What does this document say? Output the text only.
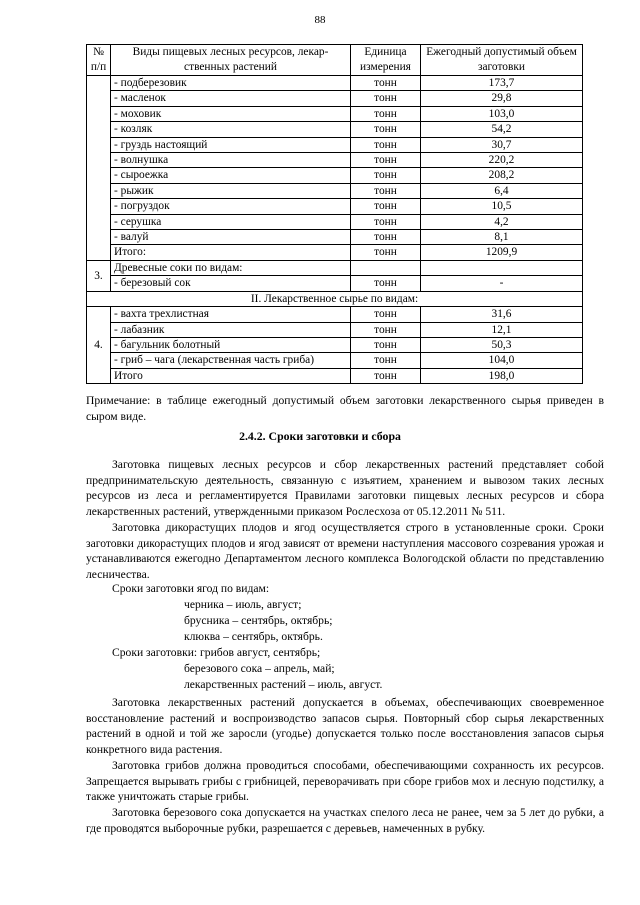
88
№ п/п	Виды пищевых лесных ресурсов, лекар-ственных растений	Единица измерения	Ежегодный допустимый объем заготовки
	- подберезовик	тонн	173,7
	- масленок	тонн	29,8
	- моховик	тонн	103,0
	- козляк	тонн	54,2
	- груздь настоящий	тонн	30,7
	- волнушка	тонн	220,2
	- сыроежка	тонн	208,2
	- рыжик	тонн	6,4
	- погруздок	тонн	10,5
	- серушка	тонн	4,2
	- валуй	тонн	8,1
	Итого:	тонн	1209,9
3.	Древесные соки по видам:		
	- березовый сок	тонн	-
II. Лекарственное сырье по видам:			
4.	- вахта трехлистная	тонн	31,6
	- лабазник	тонн	12,1
	- багульник болотный	тонн	50,3
	- гриб – чага (лекарственная часть гриба)	тонн	104,0
	Итого	тонн	198,0

Примечание: в таблице ежегодный допустимый объем заготовки лекарственного сырья приведен в сыром виде.

2.4.2. Сроки заготовки и сбора

Заготовка пищевых лесных ресурсов и сбор лекарственных растений представляет собой предпринимательскую деятельность, связанную с изъятием, хранением и вывозом таких лесных ресурсов из леса и регламентируется Правилами заготовки пищевых лесных ресурсов и сбора лекарственных растений, утвержденными приказом Рослесхоза от 05.12.2011 № 511.

Заготовка дикорастущих плодов и ягод осуществляется строго в установленные сроки. Сроки заготовки дикорастущих плодов и ягод зависят от времени наступления массового созревания урожая и устанавливаются ежегодно Департаментом лесного комплекса Вологодской области по представлению лесничества.

Сроки заготовки ягод по видам:
черника – июль, август;
брусника – сентябрь, октябрь;
клюква – сентябрь, октябрь.
Сроки заготовки: грибов август, сентябрь;
березового сока – апрель, май;
лекарственных растений – июль, август.

Заготовка лекарственных растений допускается в объемах, обеспечивающих своевременное восстановление растений и воспроизводство запасов сырья. Повторный сбор сырья лекарственных растений в одной и той же заросли (угодье) допускается только после восстановления запасов сырья конкретного вида растения.

Заготовка грибов должна проводиться способами, обеспечивающими сохранность их ресурсов. Запрещается вырывать грибы с грибницей, переворачивать при сборе грибов мох и лесную подстилку, а также уничтожать старые грибы.

Заготовка березового сока допускается на участках спелого леса не ранее, чем за 5 лет до рубки, а где проводятся выборочные рубки, разрешается с деревьев, намеченных в рубку.
